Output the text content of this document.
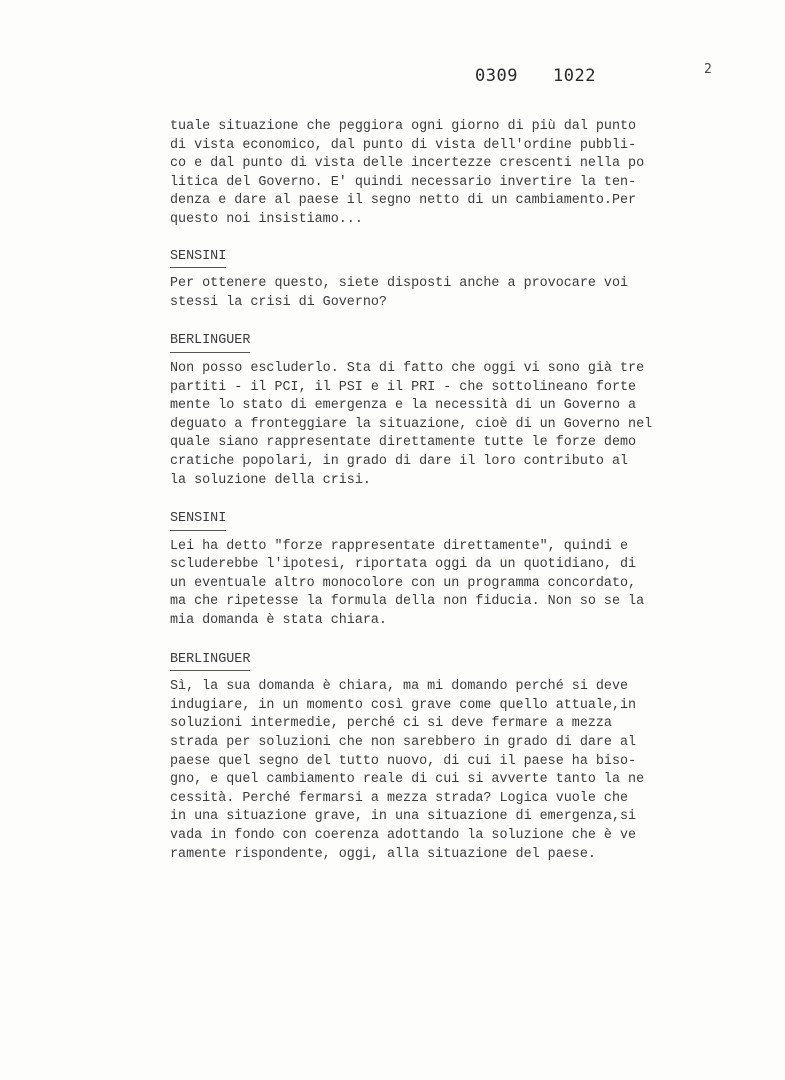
0309 1022	2
tuale situazione che peggiora ogni giorno di più dal punto
di vista economico, dal punto di vista dell'ordine pubbli-
co e dal punto di vista delle incertezze crescenti nella po
litica del Governo. E' quindi necessario invertire la ten-
denza e dare al paese il segno netto di un cambiamento.Per
questo noi insistiamo...
SENSINI
Per ottenere questo, siete disposti anche a provocare voi
stessi la crisi di Governo?
BERLINGUER
Non posso escluderlo. Sta di fatto che oggi vi sono già tre
partiti - il PCI, il PSI e il PRI - che sottolineano forte
mente lo stato di emergenza e la necessità di un Governo a
deguato a fronteggiare la situazione, cioè di un Governo nel
quale siano rappresentate direttamente tutte le forze demo
cratiche popolari, in grado di dare il loro contributo al
la soluzione della crisi.
SENSINI
Lei ha detto "forze rappresentate direttamente", quindi e
scluderebbe l'ipotesi, riportata oggi da un quotidiano, di
un eventuale altro monocolore con un programma concordato,
ma che ripetesse la formula della non fiducia. Non so se la
mia domanda è stata chiara.
BERLINGUER
Sì, la sua domanda è chiara, ma mi domando perché si deve
indugiare, in un momento così grave come quello attuale,in
soluzioni intermedie, perché ci si deve fermare a mezza
strada per soluzioni che non sarebbero in grado di dare al
paese quel segno del tutto nuovo, di cui il paese ha biso-
gno, e quel cambiamento reale di cui si avverte tanto la ne
cessità. Perché fermarsi a mezza strada? Logica vuole che
in una situazione grave, in una situazione di emergenza,si
vada in fondo con coerenza adottando la soluzione che è ve
ramente rispondente, oggi, alla situazione del paese.
